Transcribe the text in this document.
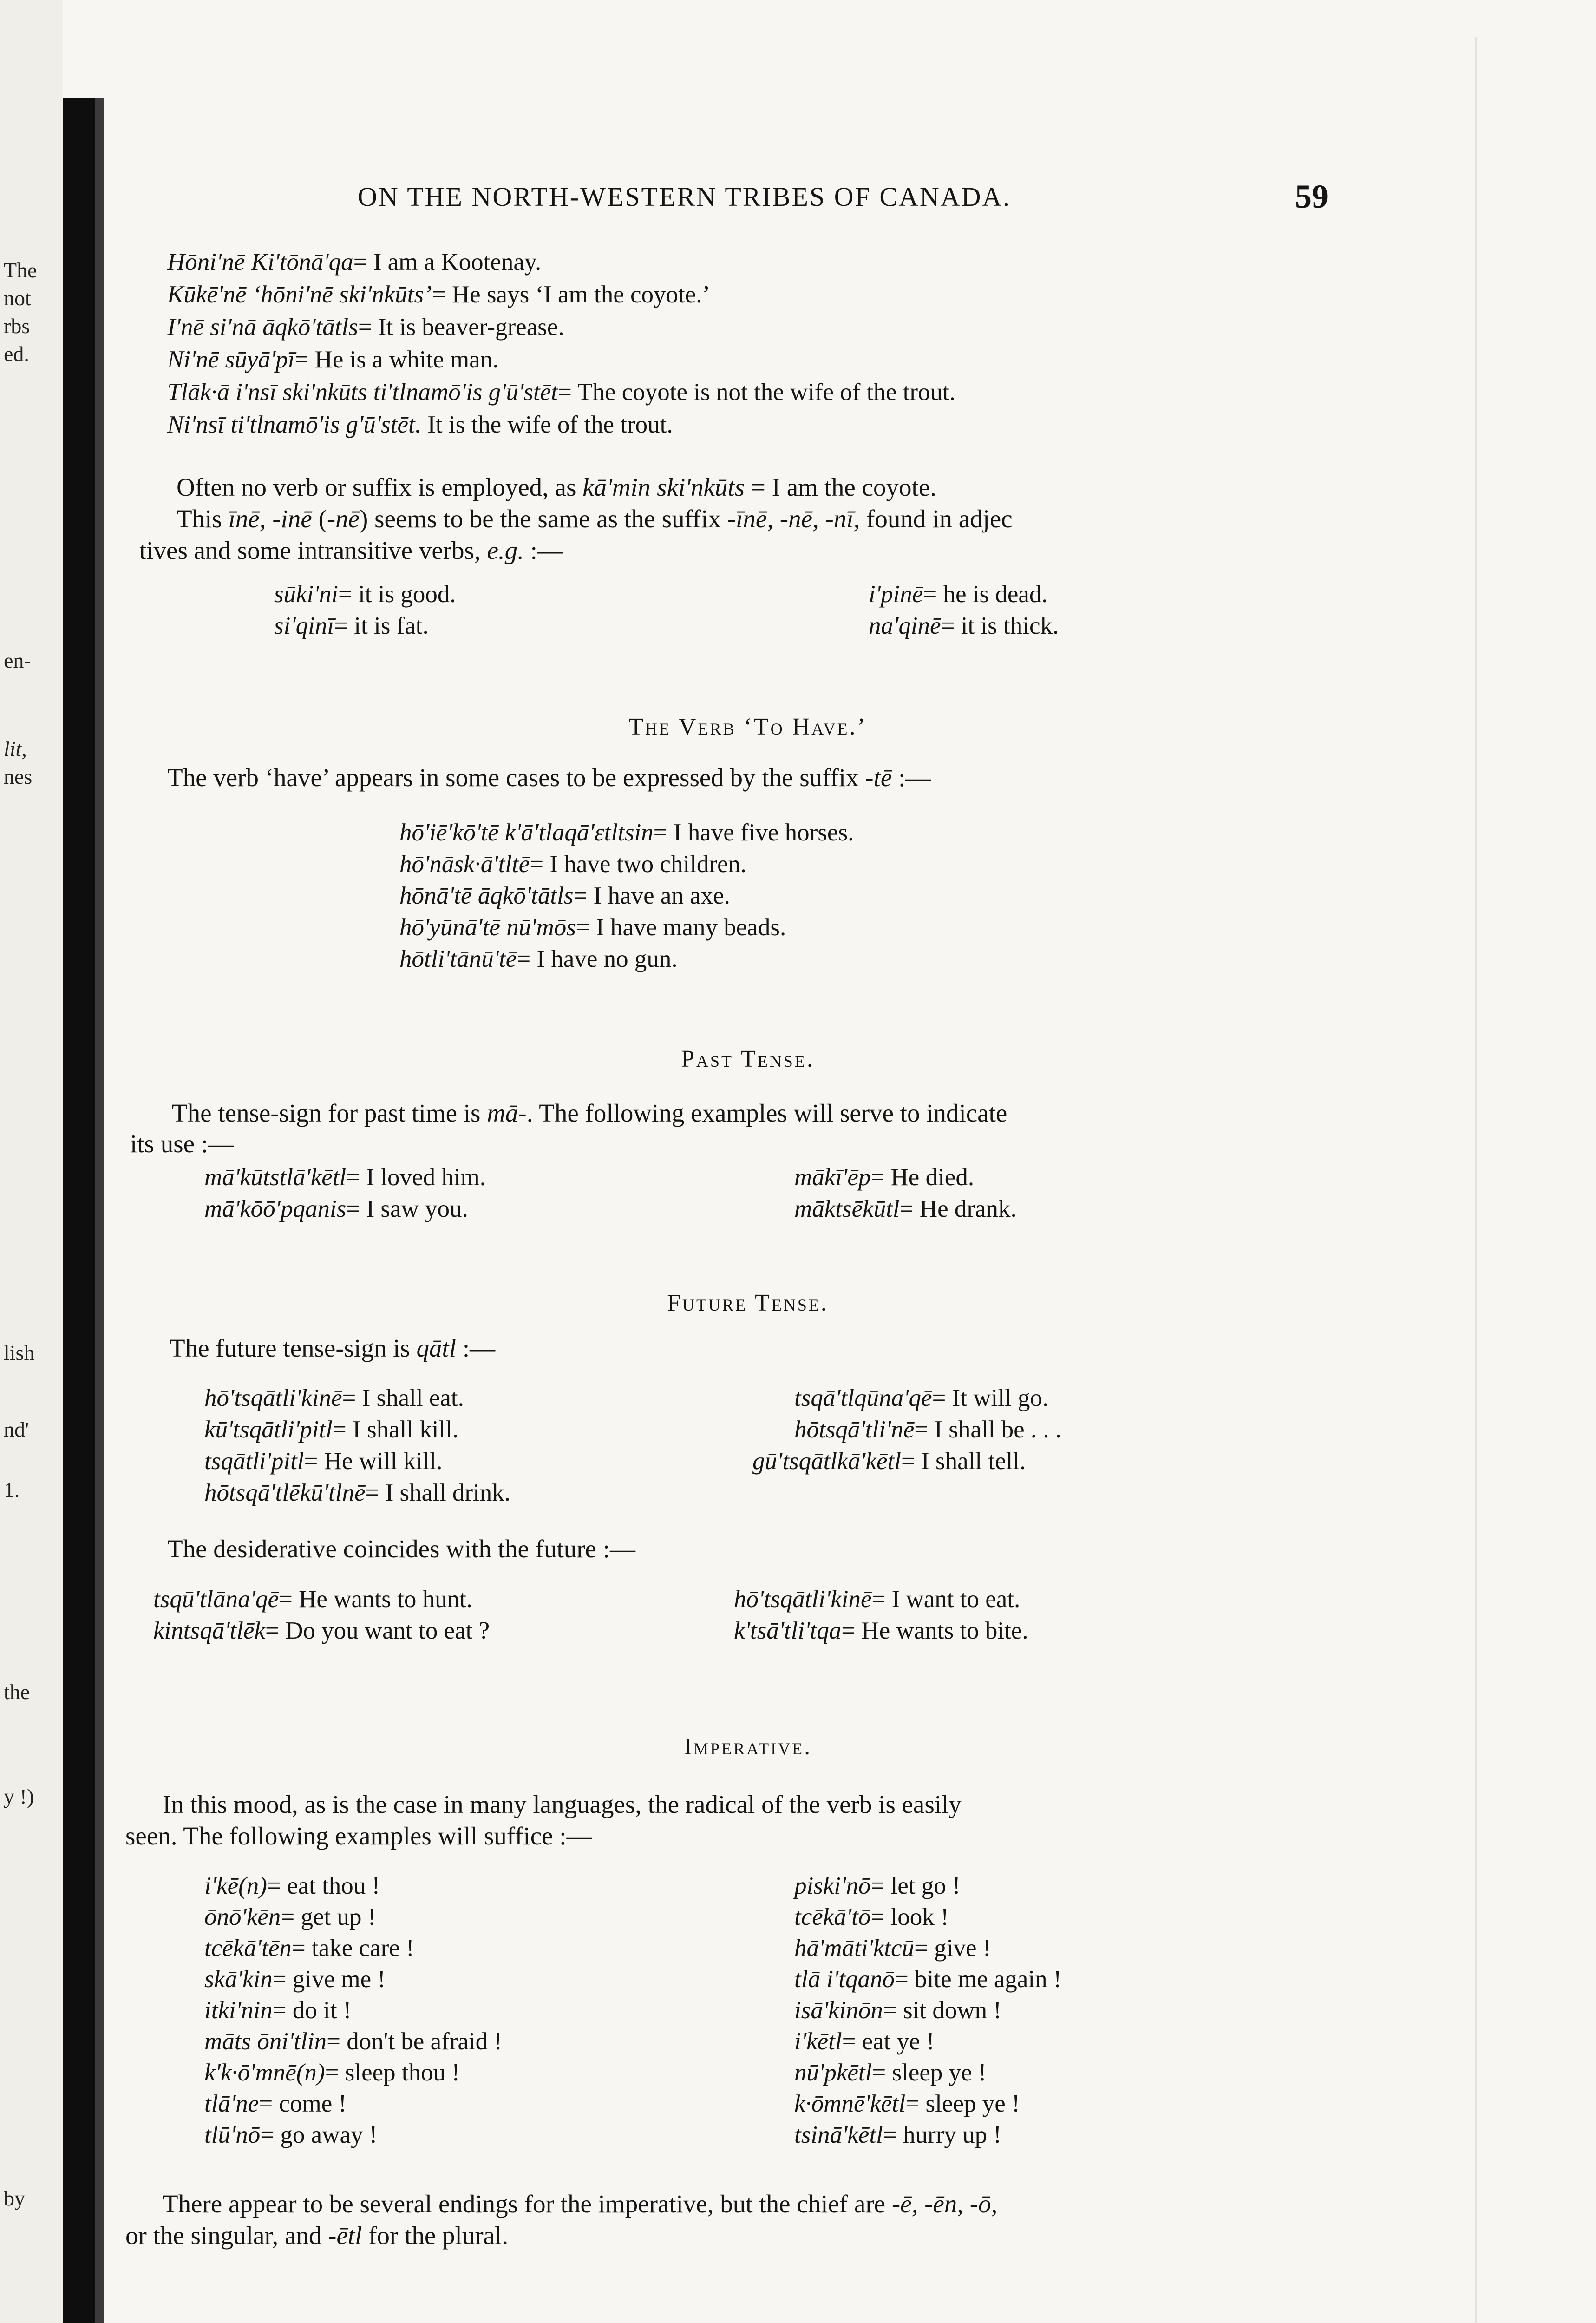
The
not
rbs
ed.
en-
lit,
nes
lish
nd'
1.
the
y !)
by
ON THE NORTH-WESTERN TRIBES OF CANADA.	59
Hōni'nē Ki'tōnā'qa= I am a Kootenay.
Kūkē'nē ‘hōni'nē ski'nkūts’= He says ‘I am the coyote.’
I'nē si'nā āqkō'tātls= It is beaver-grease.
Ni'nē sūyā'pī= He is a white man.
Tlāk·ā i'nsī ski'nkūts ti'tlnamō'is g'ū'stēt= The coyote is not the wife of the trout.
Ni'nsī ti'tlnamō'is g'ū'stēt. It is the wife of the trout.
Often no verb or suffix is employed, as kā'min ski'nkūts = I am the coyote.
This īnē, -inē (-nē) seems to be the same as the suffix -īnē, -nē, -nī, found in adjec
tives and some intransitive verbs, e.g. :—
sūki'ni= it is good.
si'qinī= it is fat.
i'pinē= he is dead.
na'qinē= it is thick.
The Verb ‘To Have.’
The verb ‘have’ appears in some cases to be expressed by the suffix -tē :—
hō'iē'kō'tē k'ā'tlaqā'ɛtltsin= I have five horses.
hō'nāsk·ā'tltē= I have two children.
hōnā'tē āqkō'tātls= I have an axe.
hō'yūnā'tē nū'mōs= I have many beads.
hōtli'tānū'tē= I have no gun.
Past Tense.
The tense-sign for past time is mā-. The following examples will serve to indicate
its use :—
mā'kūtstlā'kētl= I loved him.
mā'kōō'pqanis= I saw you.
mākī'ēp= He died.
māktsēkūtl= He drank.
Future Tense.
The future tense-sign is qātl :—
hō'tsqātli'kinē= I shall eat.
kū'tsqātli'pitl= I shall kill.
tsqātli'pitl= He will kill.
hōtsqā'tlēkū'tlnē= I shall drink.
tsqā'tlqūna'qē= It will go.
hōtsqā'tli'nē= I shall be . . .
gū'tsqātlkā'kētl= I shall tell.
The desiderative coincides with the future :—
tsqū'tlāna'qē= He wants to hunt.
kintsqā'tlēk= Do you want to eat ?
hō'tsqātli'kinē= I want to eat.
k'tsā'tli'tqa= He wants to bite.
Imperative.
In this mood, as is the case in many languages, the radical of the verb is easily
seen. The following examples will suffice :—
i'kē(n)= eat thou !
ōnō'kēn= get up !
tcēkā'tēn= take care !
skā'kin= give me !
itki'nin= do it !
māts ōni'tlin= don't be afraid !
k'k·ō'mnē(n)= sleep thou !
tlā'ne= come !
tlū'nō= go away !
piski'nō= let go !
tcēkā'tō= look !
hā'māti'ktcū= give !
tlā i'tqanō= bite me again !
isā'kinōn= sit down !
i'kētl= eat ye !
nū'pkētl= sleep ye !
k·ōmnē'kētl= sleep ye !
tsinā'kētl= hurry up !
There appear to be several endings for the imperative, but the chief are -ē, -ēn, -ō,
or the singular, and -ētl for the plural.
